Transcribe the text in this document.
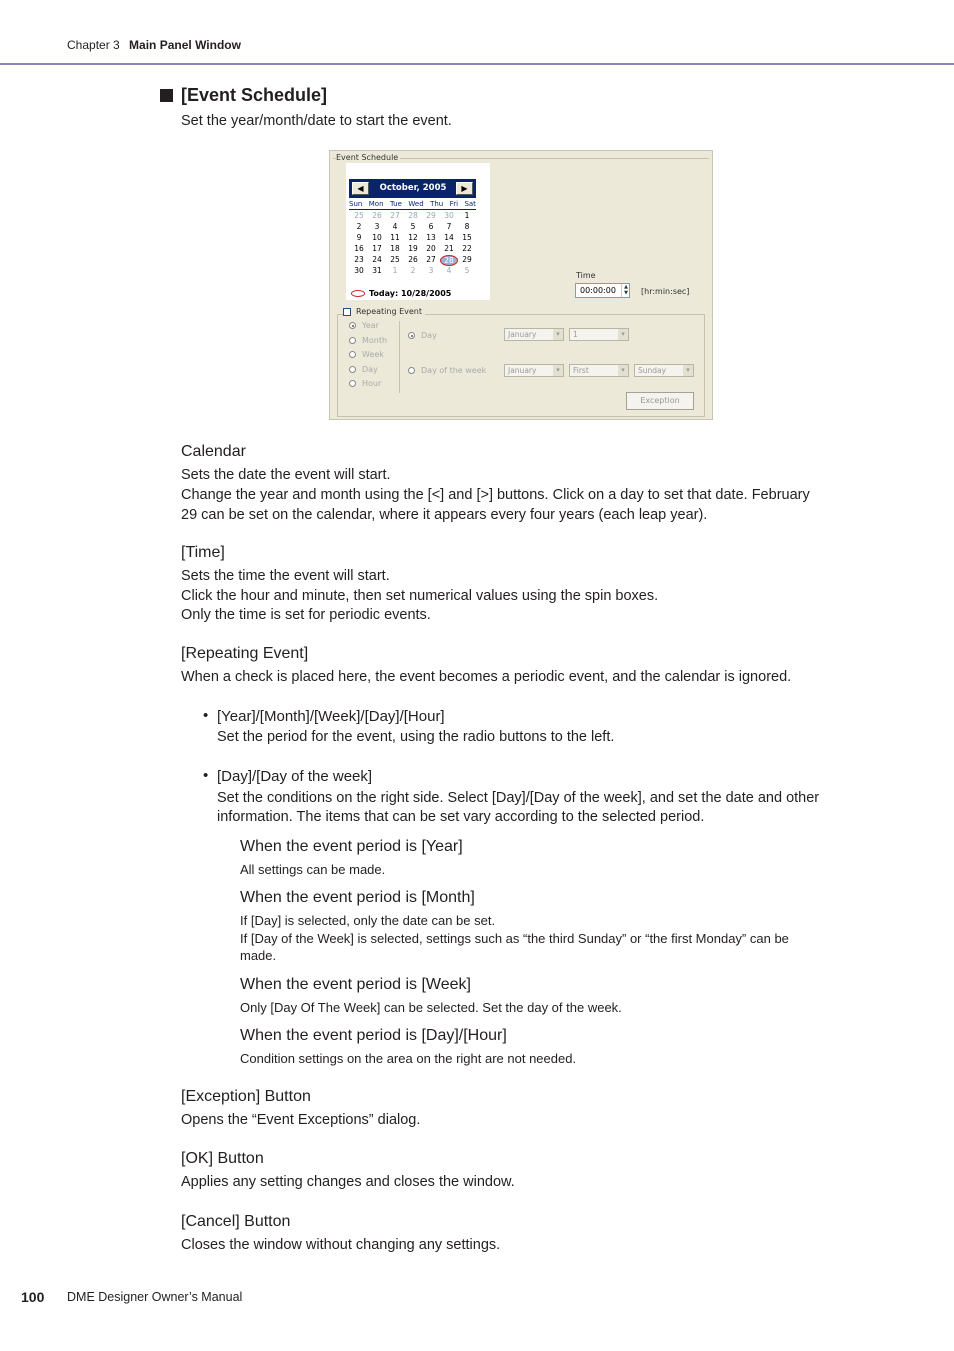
Chapter 3 Main Panel Window
[Event Schedule]
Set the year/month/date to start the event.
Event Schedule
◀	October, 2005	▶
Sun Mon Tue Wed Thu Fri Sat
25	26	27	28	29	30	1
2	3	4	5	6	7	8
9	10	11	12	13	14	15
16	17	18	19	20	21	22
23	24	25	26	27	28	29
30	31	1	2	3	4	5
Today: 10/28/2005
Time
00:00:00	▲
▼ [hr:min:sec]
Repeating Event
Year
Month
Week
Day
Hour
Day	January ▾	1 ▾
Day of the week	January ▾	First ▾	Sunday ▾
Exception
Calendar
Sets the date the event will start.
Change the year and month using the [<] and [>] buttons. Click on a day to set that date. February
29 can be set on the calendar, where it appears every four years (each leap year).
[Time]
Sets the time the event will start.
Click the hour and minute, then set numerical values using the spin boxes.
Only the time is set for periodic events.
[Repeating Event]
When a check is placed here, the event becomes a periodic event, and the calendar is ignored.
• [Year]/[Month]/[Week]/[Day]/[Hour]
Set the period for the event, using the radio buttons to the left.
• [Day]/[Day of the week]
Set the conditions on the right side. Select [Day]/[Day of the week], and set the date and other
information. The items that can be set vary according to the selected period.
When the event period is [Year]
All settings can be made.
When the event period is [Month]
If [Day] is selected, only the date can be set.
If [Day of the Week] is selected, settings such as “the third Sunday” or “the first Monday” can be
made.
When the event period is [Week]
Only [Day Of The Week] can be selected. Set the day of the week.
When the event period is [Day]/[Hour]
Condition settings on the area on the right are not needed.
[Exception] Button
Opens the “Event Exceptions” dialog.
[OK] Button
Applies any setting changes and closes the window.
[Cancel] Button
Closes the window without changing any settings.
100 DME Designer Owner’s Manual
